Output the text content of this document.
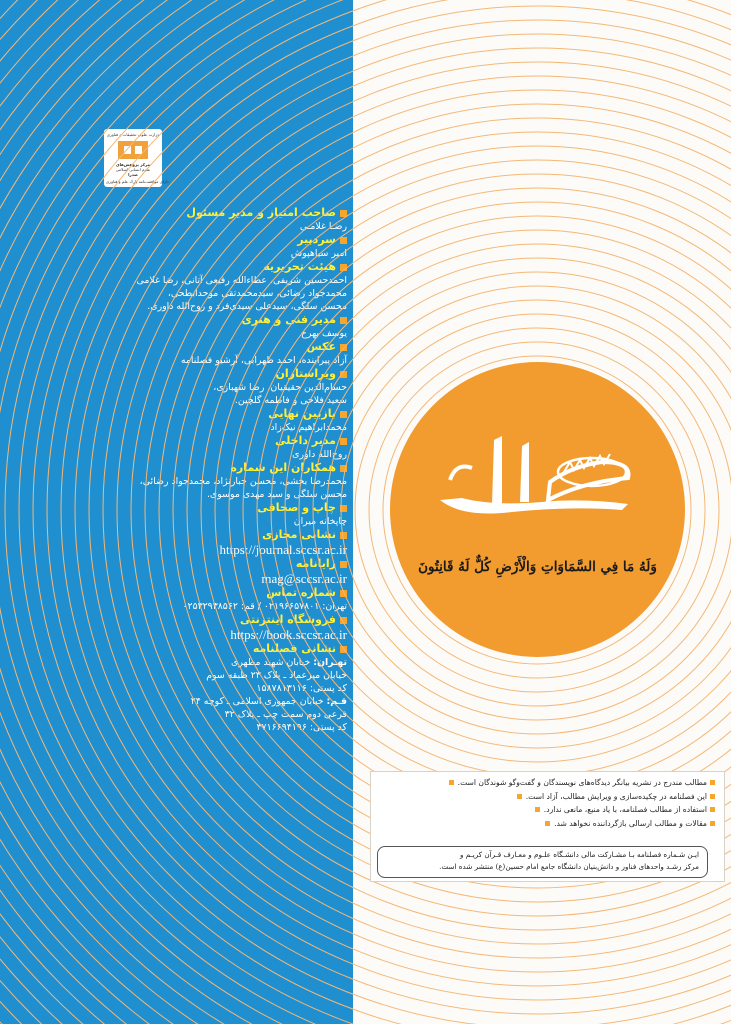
وزارت علوم، تحقیقات و فناوری
مرکز پژوهش‌های
علوم انسانی اسلامی
صدرا
دارای موافقت‌نامه پارک علم و فناوری
صاحب امتیاز و مدیر مسئول
رضـا غلامـی
سردبیر
امیر سیاهپوش
هیئت تحریریه
احمدحسین شریفی، عطاءالله رفیعی آتانی، رضا غلامی،
محمدجواد رضائی، سیدمحمدتقی موحدابطحی،
محسن سلگی، سیدعلی سیدی‌فرد و روح‌الله داوری.
مدیر فنی و هنری
یوسف بهرخ
عکس
آزاد پیراینده، احمد ظهرابی، آرشیو فصلنامه
ویراستاران
حسام‌الدین حقیقیان، رضا شهبازی،
سعید فلاحی و فاطمه گلچین.
بازبین نهایی
محمدابراهیم نیک‌زاد
مدیر داخلی
روح‌الله داوری
همکاران این شماره
محمدرضا بخشی، محسن جبارنژاد، محمدجواد رضائی،
محسن سلگی و سید مهدی موسوی.
چاپ و صحافی
چاپخانه میران
نشانی مجازی
https://journal.sccsr.ac.ir
رایانامه
mag@sccsr.ac.ir
شماره تماس
تهران: ۰۲۱۹۶۶۵۷۸۰۱ / قم: ۰۲۵۳۲۹۳۸۵۶۲
فروشگاه اینترنتی
https://book.sccsr.ac.ir
نشانی فصلنامه
تهـران: خیابان شهید مطهری
خیابان میرعماد ـ پلاک ۲۳ طبقه سوم
کد پستی: ۱۵۸۷۸۱۳۱۱۶
قـم: خیابان جمهوری اسلامی ـ کوچه ۲۴
فرعی دوم سمت چپ ـ پلاک ۳۲
کد پستی: ۳۷۱۶۶۹۴۱۹۶
وَلَهُ مَا فِي السَّمَاوَاتِ وَالْأَرْضِ كُلٌّ لَهُ قَانِتُونَ
مطالب مندرج در نشریه بیانگر دیدگاه‌های نویسندگان و گفت‌وگو شوندگان است.
این فصلنامه در چکیده‌سازی و ویرایش مطالب، آزاد است.
استفاده از مطالب فصلنامه، با یاد منبع، مانعی ندارد.
مقالات و مطالب ارسالی بازگرداننده نخواهد شد.
ایـن شـماره فصلنامه بـا مشـارکت مالی دانشـگاه علـوم و معـارف قـرآن کریـم و
مرکز رشـد واحدهای فناور و دانش‌بنیان دانشگاه جامع امام حسین(ع) منتشر شده است.
